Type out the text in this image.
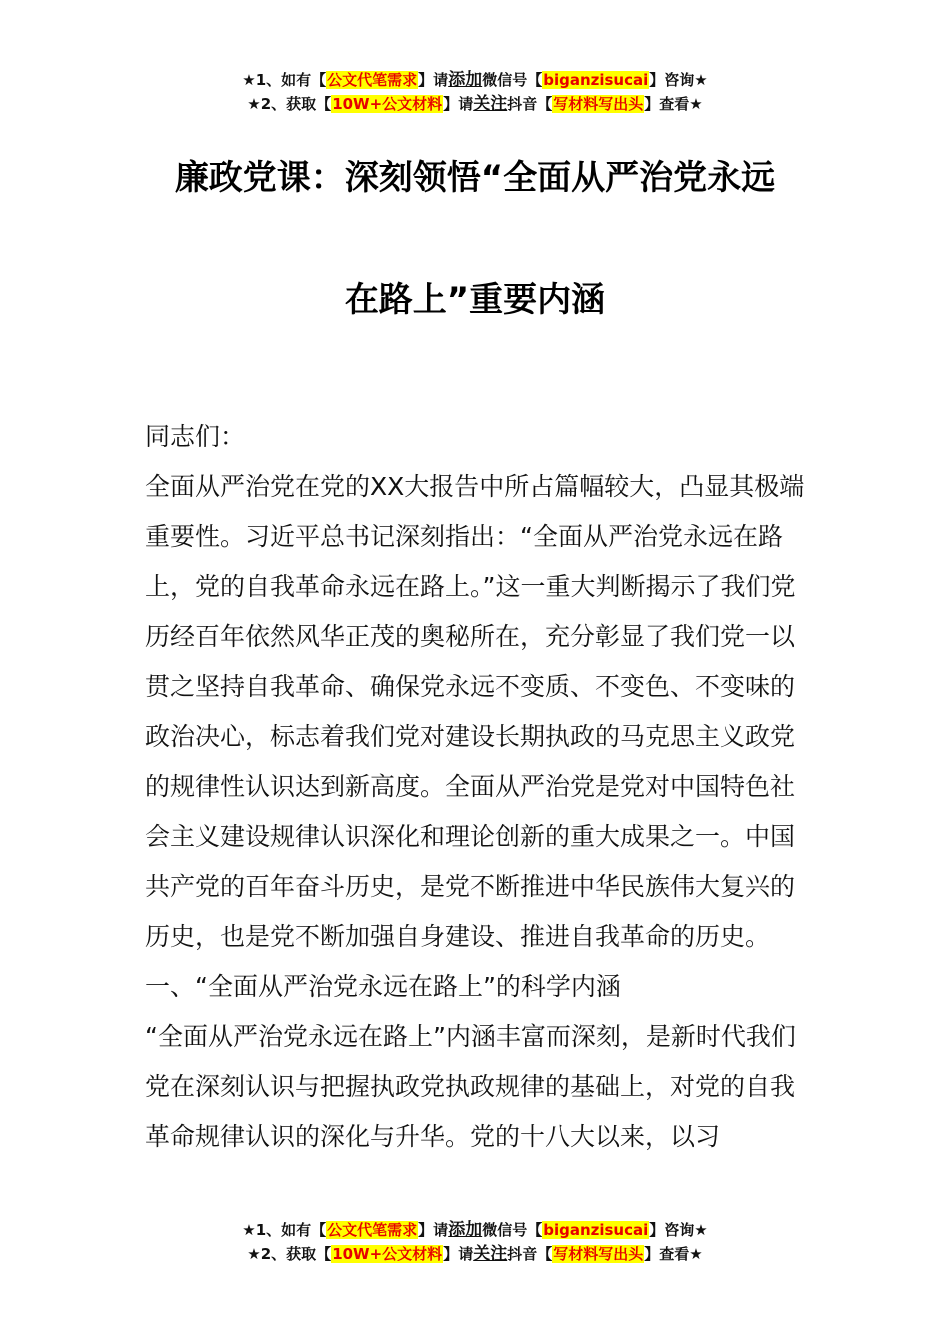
★1、如有【公文代笔需求】请添加微信号【biganzisucai】咨询★
★2、获取【10W+公文材料】请关注抖音【写材料写出头】查看★
廉政党课：深刻领悟“全面从严治党永远
在路上”重要内涵

同志们：

全面从严治党在党的XX大报告中所占篇幅较大，凸显其极端重要性。习近平总书记深刻指出：“全面从严治党永远在路上，党的自我革命永远在路上。”这一重大判断揭示了我们党历经百年依然风华正茂的奥秘所在，充分彰显了我们党一以贯之坚持自我革命、确保党永远不变质、不变色、不变味的政治决心，标志着我们党对建设长期执政的马克思主义政党的规律性认识达到新高度。全面从严治党是党对中国特色社会主义建设规律认识深化和理论创新的重大成果之一。中国共产党的百年奋斗历史，是党不断推进中华民族伟大复兴的历史，也是党不断加强自身建设、推进自我革命的历史。

一、“全面从严治党永远在路上”的科学内涵

“全面从严治党永远在路上”内涵丰富而深刻，是新时代我们党在深刻认识与把握执政党执政规律的基础上，对党的自我革命规律认识的深化与升华。党的十八大以来，以习

★1、如有【公文代笔需求】请添加微信号【biganzisucai】咨询★
★2、获取【10W+公文材料】请关注抖音【写材料写出头】查看★
